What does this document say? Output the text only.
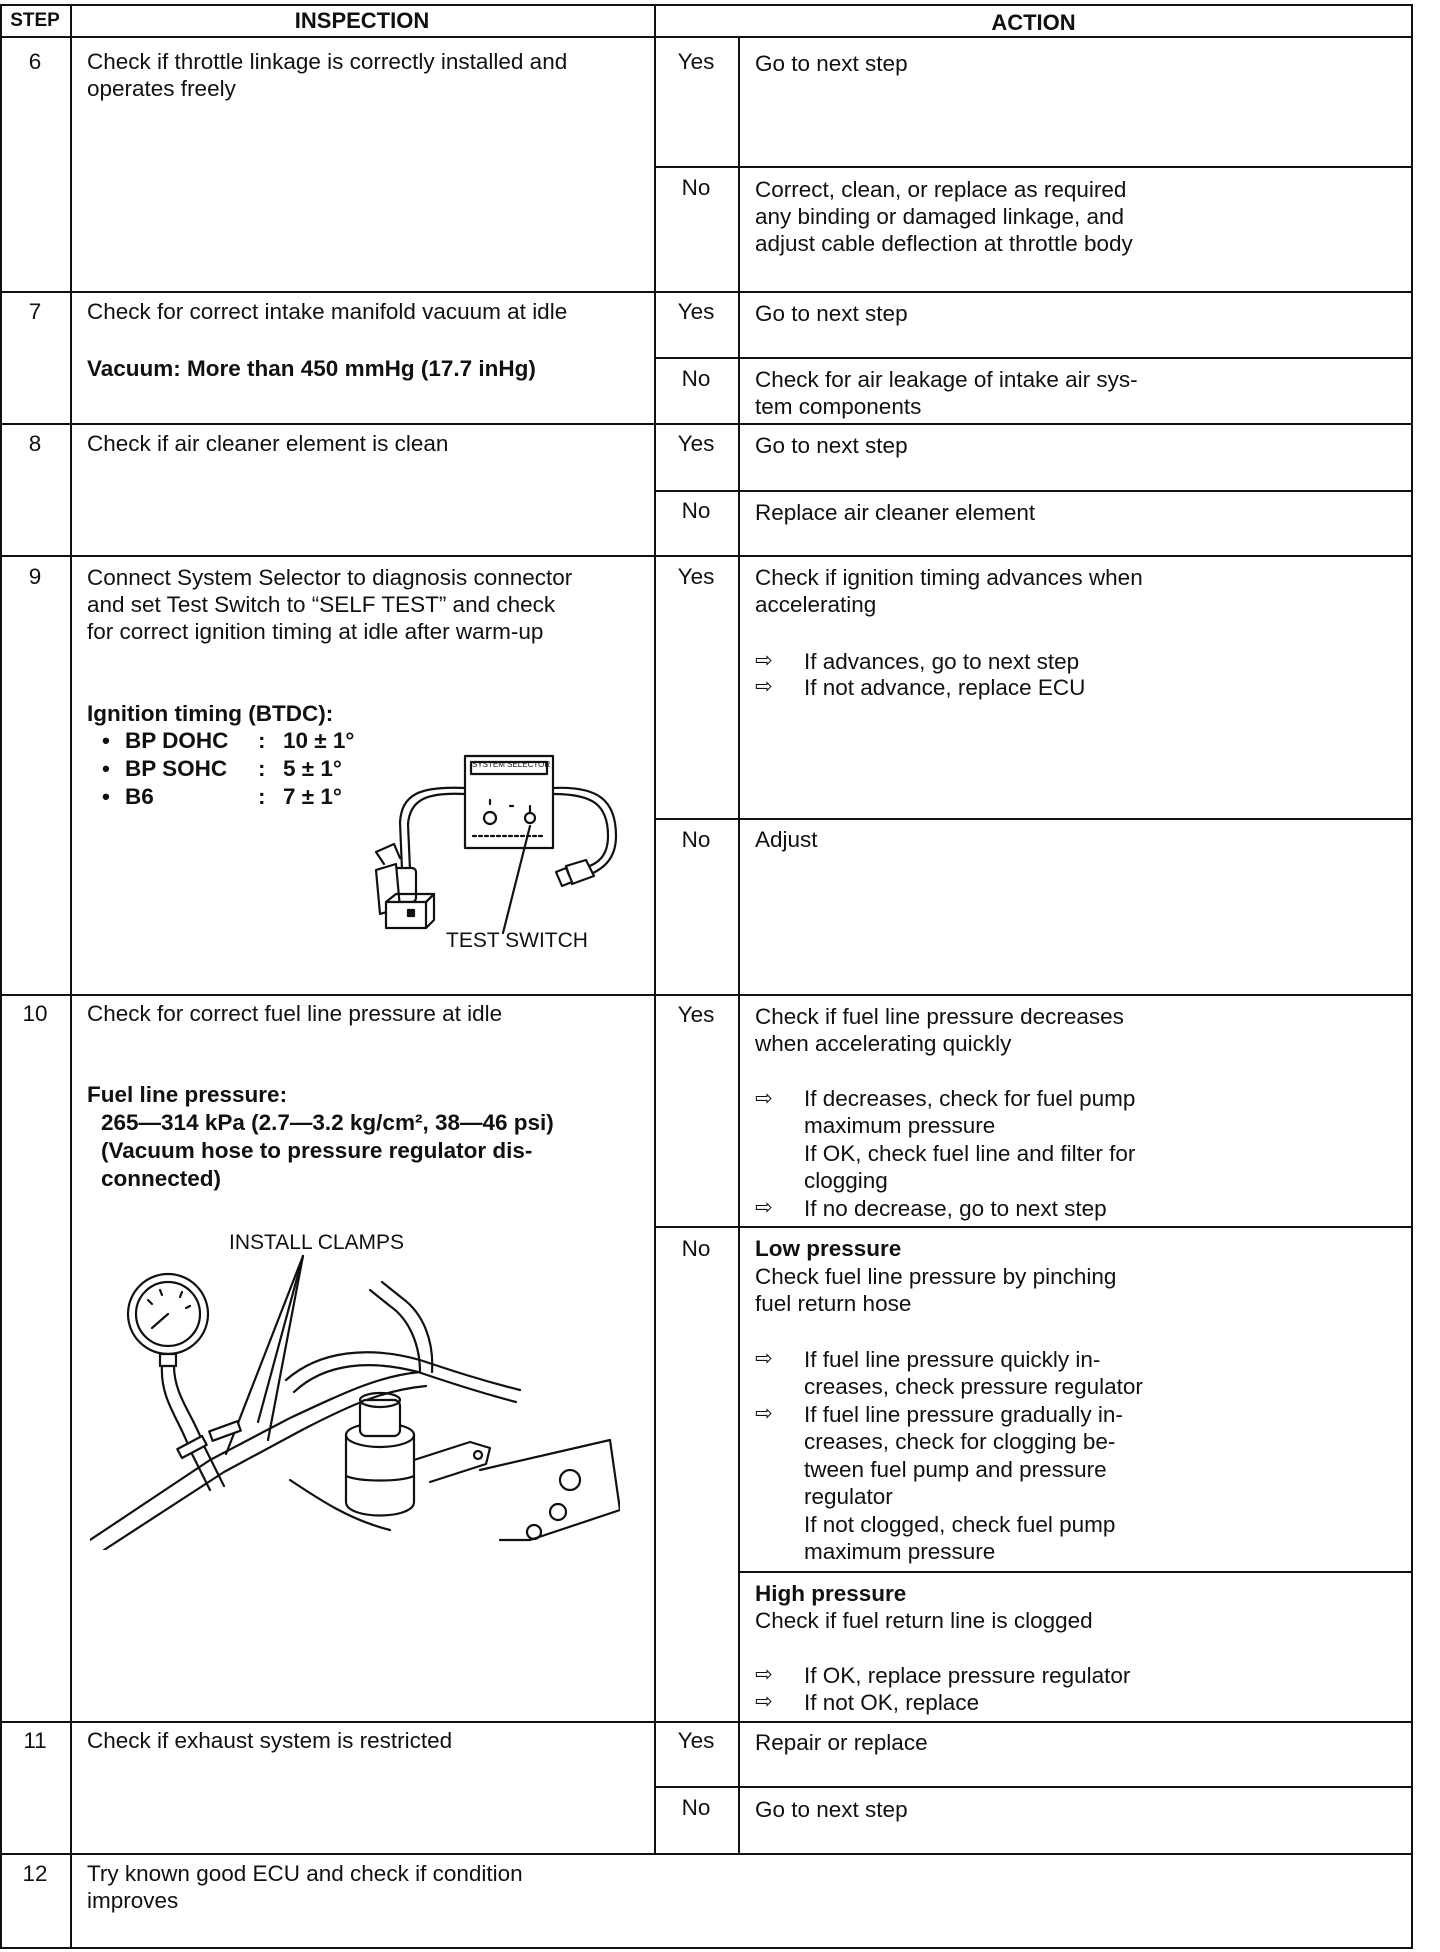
STEP	INSPECTION	ACTION
6	Check if throttle linkage is correctly installed and
operates freely
Yes	Go to next step
No	Correct, clean, or replace as required
any binding or damaged linkage, and
adjust cable deflection at throttle body
7	Check for correct intake manifold vacuum at idle
Vacuum: More than 450 mmHg (17.7 inHg)
Yes	Go to next step
No	Check for air leakage of intake air sys-
tem components
8	Check if air cleaner element is clean	Yes	Go to next step
No	Replace air cleaner element
9	Connect System Selector to diagnosis connector
and set Test Switch to “SELF TEST” and check
for correct ignition timing at idle after warm-up
Ignition timing (BTDC):
• BP DOHC : 10 ± 1°
• BP SOHC : 5 ± 1°
• B6	: 7 ± 1°
SYSTEM SELECTOR
TEST SWITCH
Yes	Check if ignition timing advances when
accelerating
⇨ If advances, go to next step
⇨ If not advance, replace ECU
No	Adjust
10	Check for correct fuel line pressure at idle
Fuel line pressure:
265—314 kPa (2.7—3.2 kg/cm², 38—46 psi)
(Vacuum hose to pressure regulator dis-
connected)
INSTALL CLAMPS
Yes	Check if fuel line pressure decreases
when accelerating quickly
⇨ If decreases, check for fuel pump
maximum pressure
If OK, check fuel line and filter for
clogging
⇨ If no decrease, go to next step
No	Low pressure
Check fuel line pressure by pinching
fuel return hose
⇨ If fuel line pressure quickly in-
creases, check pressure regulator
⇨ If fuel line pressure gradually in-
creases, check for clogging be-
tween fuel pump and pressure
regulator
If not clogged, check fuel pump
maximum pressure
High pressure
Check if fuel return line is clogged
⇨ If OK, replace pressure regulator
⇨ If not OK, replace
11	Check if exhaust system is restricted	Yes	Repair or replace
No	Go to next step
12	Try known good ECU and check if condition
improves
